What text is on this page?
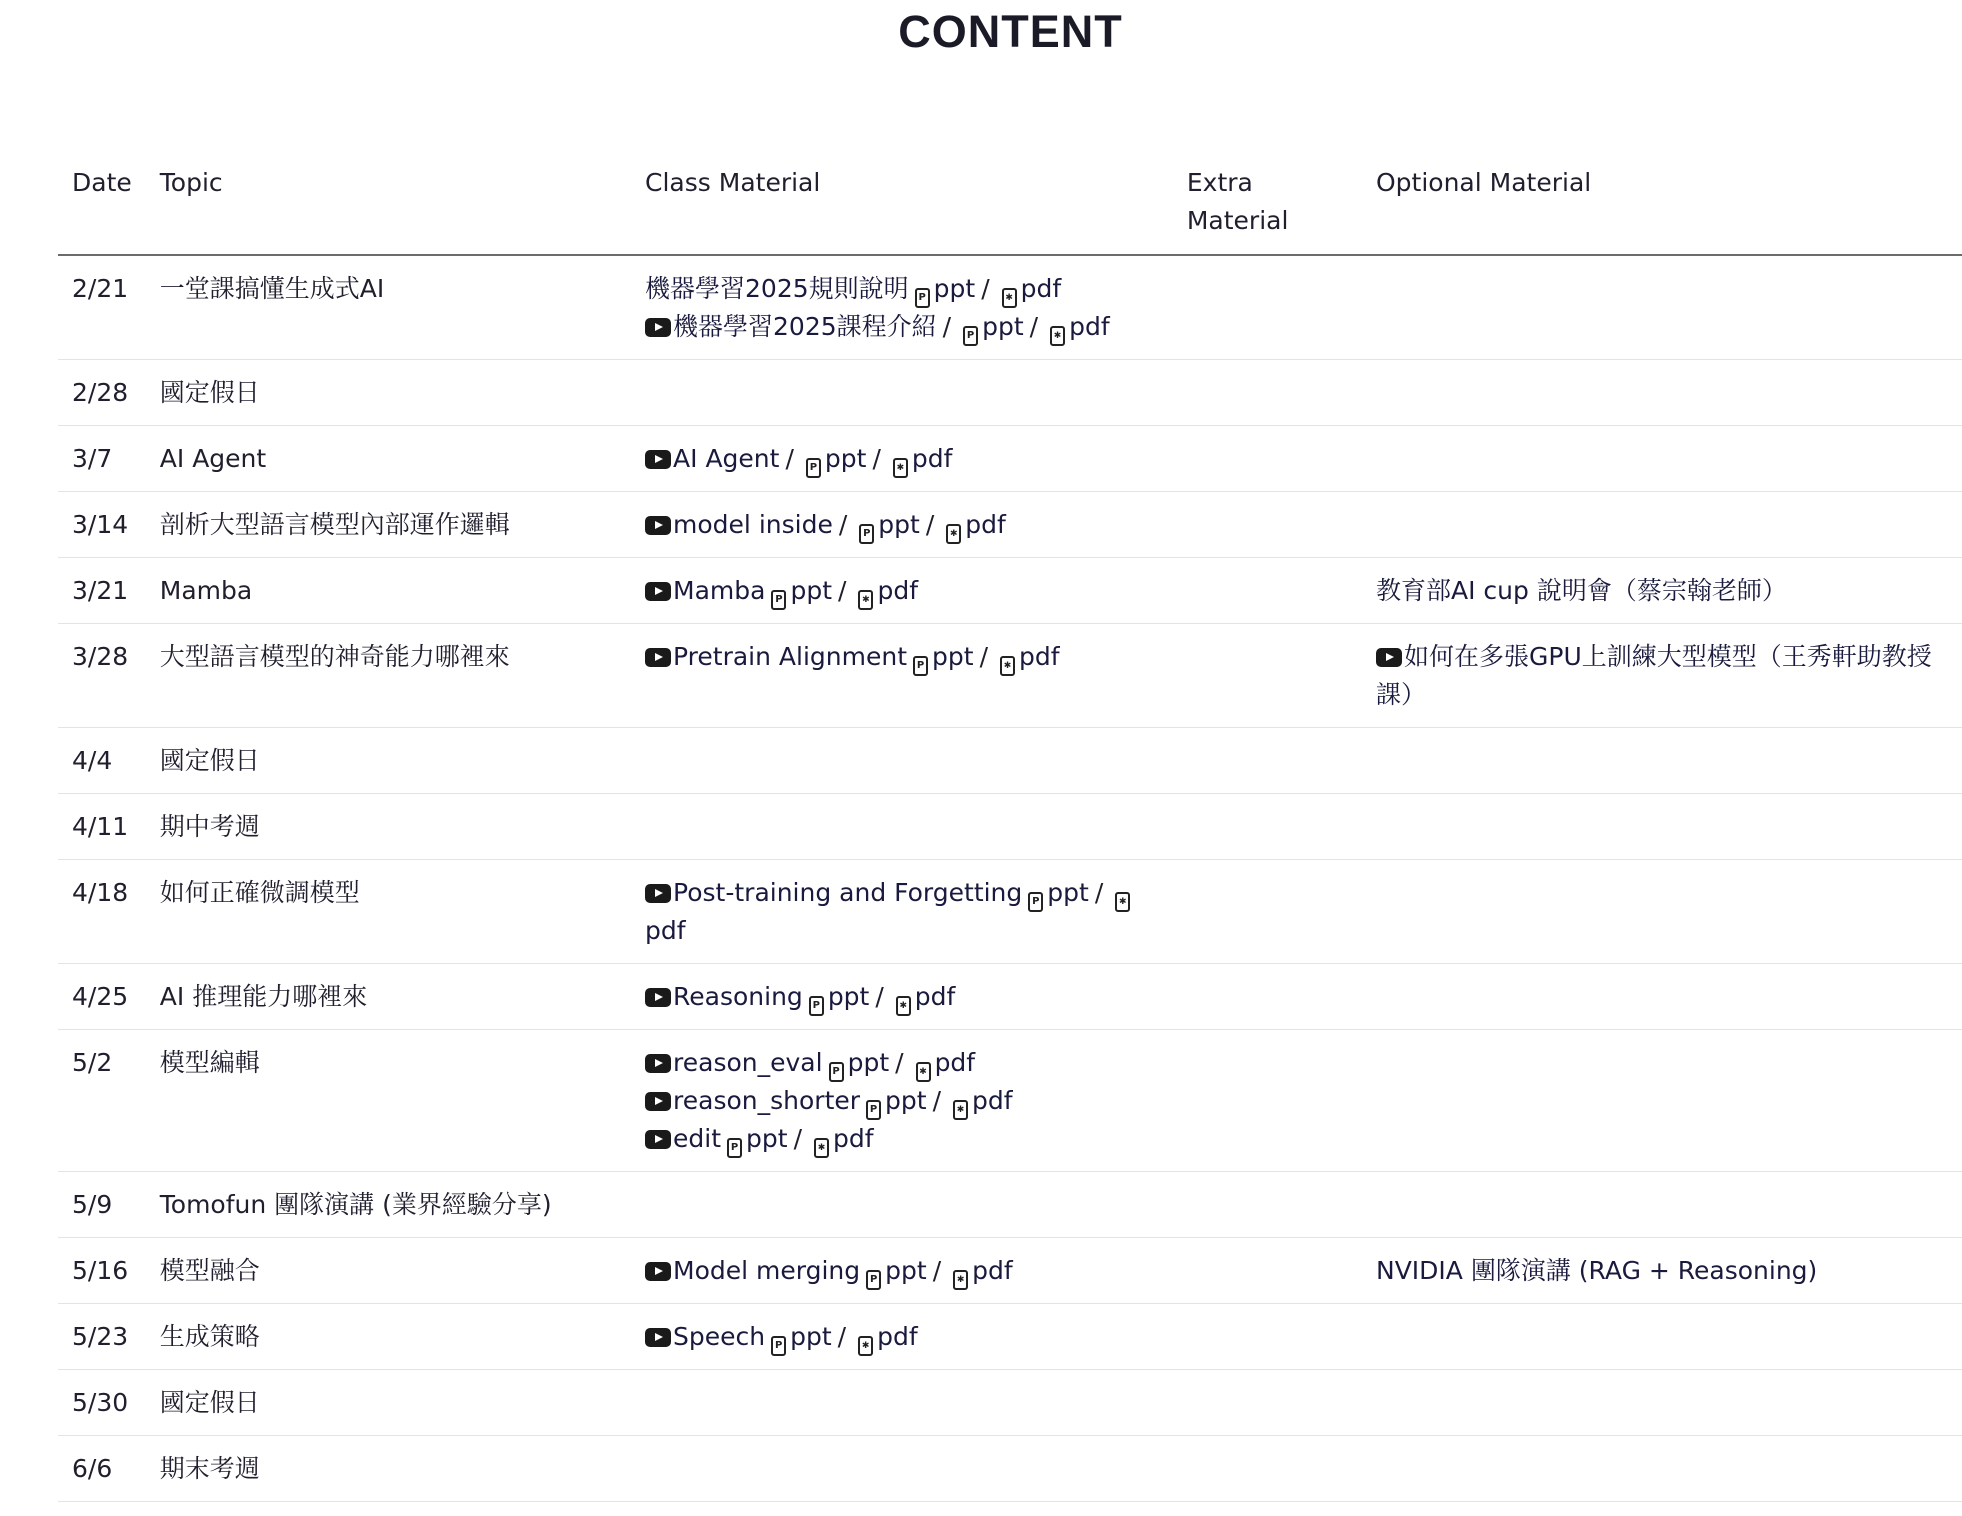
CONTENT
Date	Topic	Class Material	Extra Material	Optional Material
2/21	一堂課搞懂生成式AI	機器學習2025規則說明 P ppt / ✱ pdf
機器學習2025課程介紹 / P ppt /✱ pdf

2/28	國定假日			
3/7	AI Agent	AI Agent / P ppt / ✱ pdf

3/14	剖析大型語言模型內部運作邏輯	model inside / P ppt / ✱ pdf

3/21	Mamba	Mamba P ppt / ✱ pdf		教育部AI cup 說明會（蔡宗翰老師）
3/28	大型語言模型的神奇能力哪裡來	Pretrain Alignment P ppt / ✱ pdf		如何在多張GPU上訓練大型模型（王秀軒助教授課）
4/4	國定假日			
4/11	期中考週			
4/18	如何正確微調模型	Post-training and Forgetting P ppt /✱pdf

4/25	AI 推理能力哪裡來	Reasoning P ppt / ✱ pdf

5/2	模型編輯	reason_eval P ppt / ✱ pdf
reason_shorter P ppt / ✱ pdf
edit P ppt / ✱ pdf

5/9	Tomofun 團隊演講 (業界經驗分享)			
5/16	模型融合	Model merging P ppt / ✱ pdf		NVIDIA 團隊演講 (RAG + Reasoning)
5/23	生成策略	Speech P ppt / ✱ pdf

5/30	國定假日			
6/6	期末考週			
